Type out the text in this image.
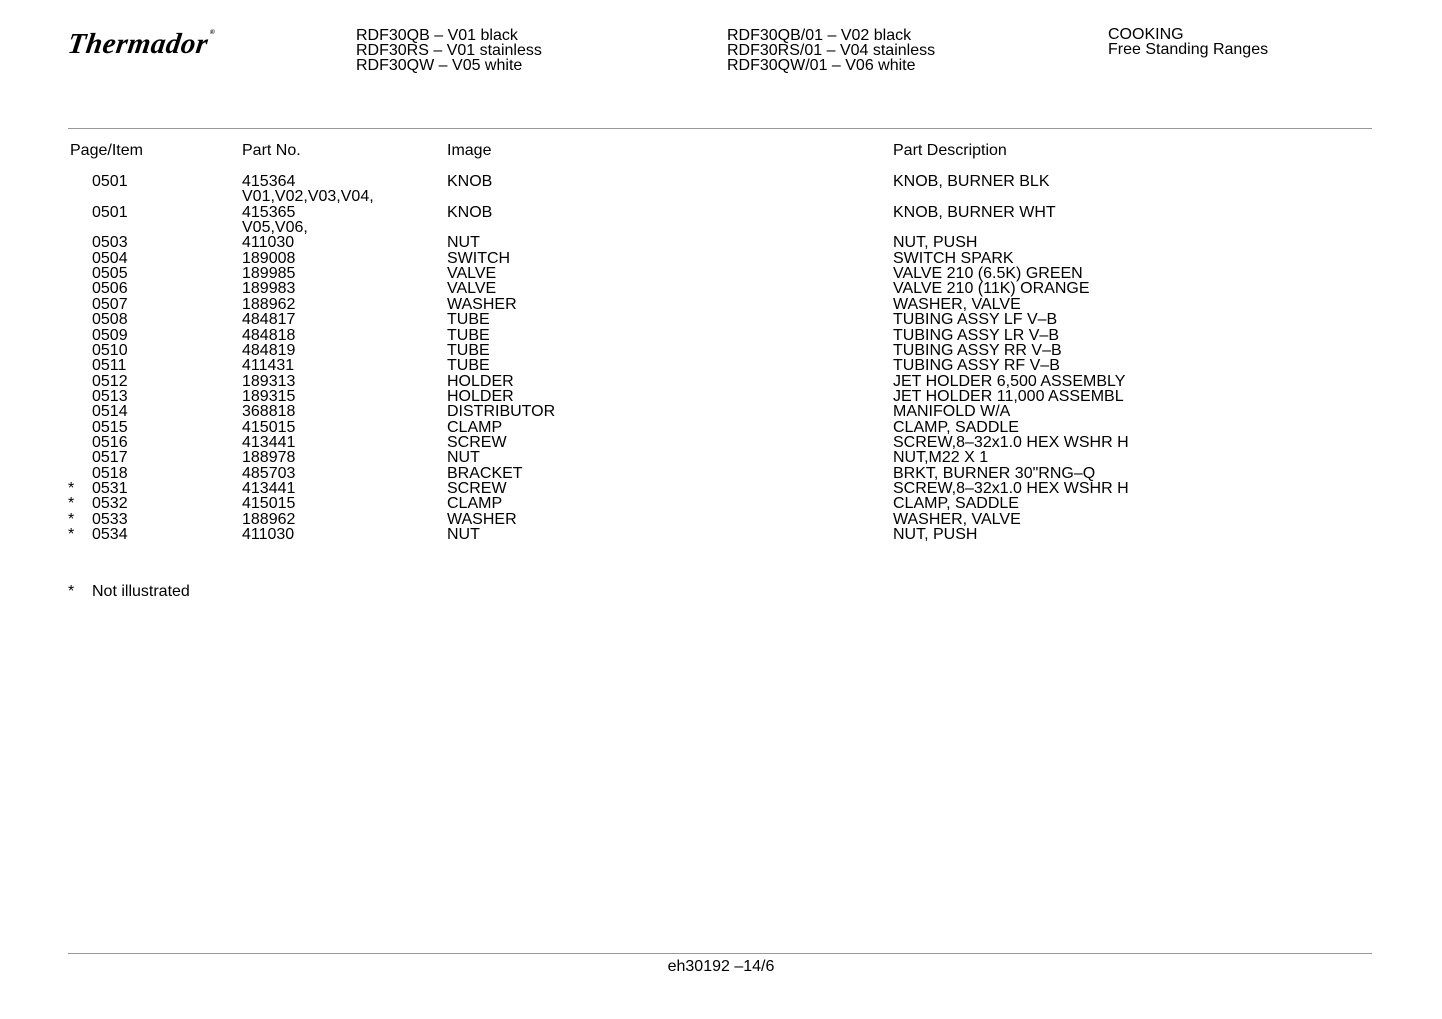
Thermador®	RDF30QB – V01 black
RDF30RS – V01 stainless
RDF30QW – V05 white
RDF30QB/01 – V02 black
RDF30RS/01 – V04 stainless
RDF30QW/01 – V06 white
COOKING
Free Standing Ranges
Page/Item	Part No.	Image	Part Description
0501	415364	KNOB	KNOB, BURNER BLK
V01,V02,V03,V04,
0501	415365	KNOB	KNOB, BURNER WHT
V05,V06,
0503	411030	NUT	NUT, PUSH
0504	189008	SWITCH	SWITCH SPARK
0505	189985	VALVE	VALVE 210 (6.5K) GREEN
0506	189983	VALVE	VALVE 210 (11K) ORANGE
0507	188962	WASHER	WASHER, VALVE
0508	484817	TUBE	TUBING ASSY LF V–B
0509	484818	TUBE	TUBING ASSY LR V–B
0510	484819	TUBE	TUBING ASSY RR V–B
0511	411431	TUBE	TUBING ASSY RF V–B
0512	189313	HOLDER	JET HOLDER 6,500 ASSEMBLY
0513	189315	HOLDER	JET HOLDER 11,000 ASSEMBL
0514	368818	DISTRIBUTOR	MANIFOLD W/A
0515	415015	CLAMP	CLAMP, SADDLE
0516	413441	SCREW	SCREW,8–32x1.0 HEX WSHR H
0517	188978	NUT	NUT,M22 X 1
0518	485703	BRACKET	BRKT, BURNER 30"RNG–Q
* 0531	413441	SCREW	SCREW,8–32x1.0 HEX WSHR H
* 0532	415015	CLAMP	CLAMP, SADDLE
* 0533	188962	WASHER	WASHER, VALVE
* 0534	411030	NUT	NUT, PUSH
* Not illustrated
eh30192 –14/6
